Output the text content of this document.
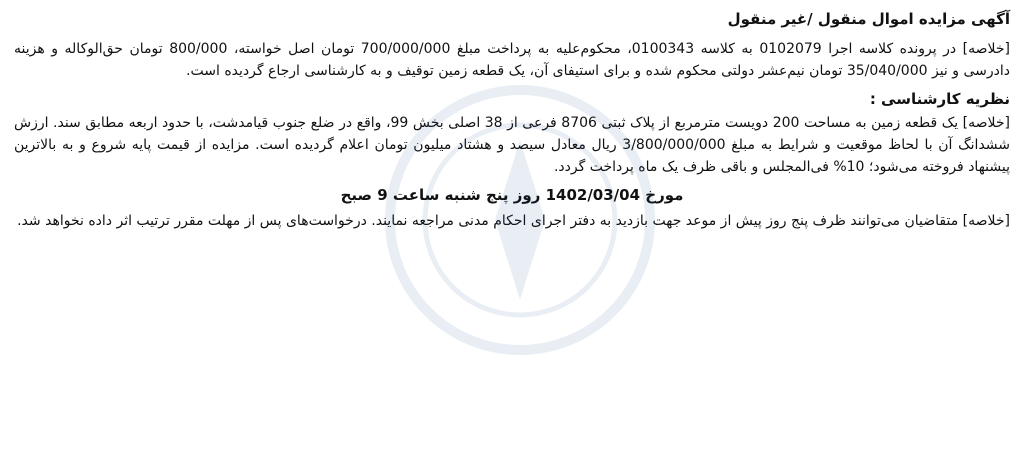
آگهی مزایده اموال منقول /غیر منقول

[خلاصه] در پرونده کلاسه اجرا 0102079 به کلاسه 0100343، محکوم‌علیه به پرداخت مبلغ 700/000/000 تومان اصل خواسته، 800/000 تومان حق‌الوکاله و هزینه دادرسی و نیز 35/040/000 تومان نیم‌عشر دولتی محکوم شده و برای استیفای آن، یک قطعه زمین توقیف و به کارشناسی ارجاع گردیده است.

نظریه کارشناسی :

[خلاصه] یک قطعه زمین به مساحت 200 دویست مترمربع از پلاک ثبتی 8706 فرعی از 38 اصلی بخش 99، واقع در ضلع جنوب قیامدشت، با حدود اربعه مطابق سند. ارزش ششدانگ آن با لحاظ موقعیت و شرایط به مبلغ 3/800/000/000 ریال معادل سیصد و هشتاد میلیون تومان اعلام گردیده است. مزایده از قیمت پایه شروع و به بالاترین پیشنهاد فروخته می‌شود؛ 10% فی‌المجلس و باقی ظرف یک ماه پرداخت گردد.

مورخ 1402/03/04 روز پنج شنبه ساعت 9 صبح

[خلاصه] متقاضیان می‌توانند ظرف پنج روز پیش از موعد جهت بازدید به دفتر اجرای احکام مدنی مراجعه نمایند. درخواست‌های پس از مهلت مقرر ترتیب اثر داده نخواهد شد.
